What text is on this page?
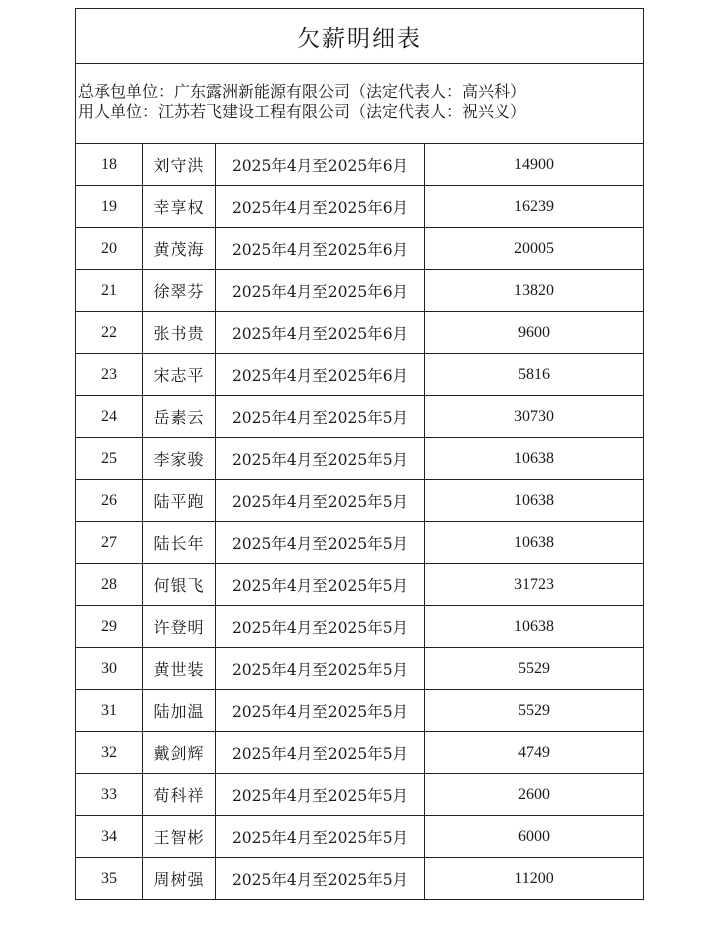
欠薪明细表
总承包单位：广东露洲新能源有限公司（法定代表人：高兴科）
用人单位：江苏若飞建设工程有限公司（法定代表人：祝兴义）
18	刘守洪	2025年4月至2025年6月	14900
19	幸享权	2025年4月至2025年6月	16239
20	黄茂海	2025年4月至2025年6月	20005
21	徐翠芬	2025年4月至2025年6月	13820
22	张书贵	2025年4月至2025年6月	9600
23	宋志平	2025年4月至2025年6月	5816
24	岳素云	2025年4月至2025年5月	30730
25	李家骏	2025年4月至2025年5月	10638
26	陆平跑	2025年4月至2025年5月	10638
27	陆长年	2025年4月至2025年5月	10638
28	何银飞	2025年4月至2025年5月	31723
29	许登明	2025年4月至2025年5月	10638
30	黄世装	2025年4月至2025年5月	5529
31	陆加温	2025年4月至2025年5月	5529
32	戴剑辉	2025年4月至2025年5月	4749
33	荀科祥	2025年4月至2025年5月	2600
34	王智彬	2025年4月至2025年5月	6000
35	周树强	2025年4月至2025年5月	11200
